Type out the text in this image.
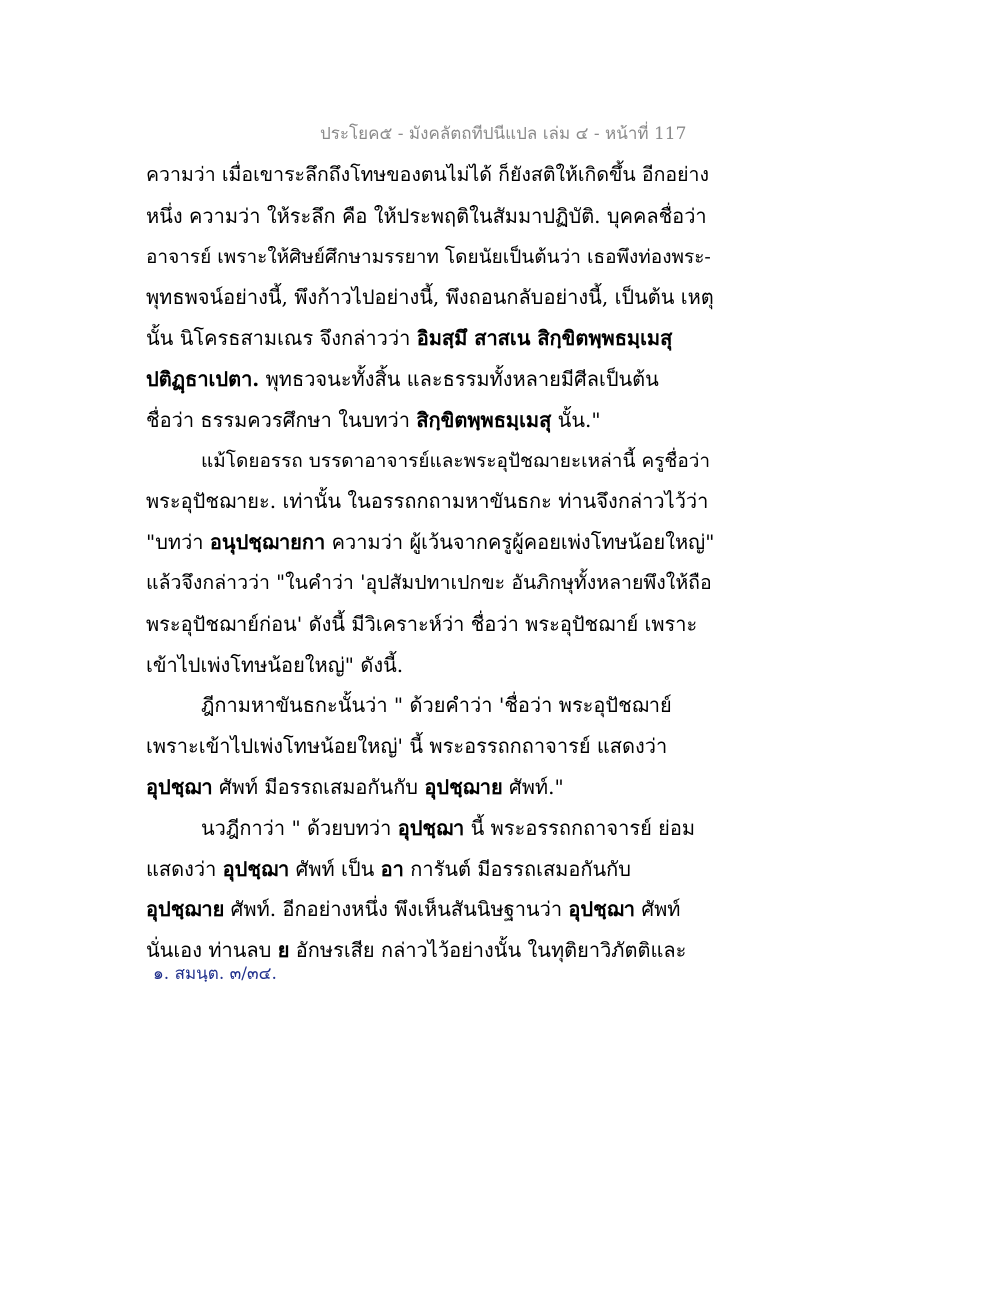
ประโยค๕ - มังคลัตถทีปนีแปล เล่ม ๔ - หน้าที่ 117
ความว่า เมื่อเขาระลึกถึงโทษของตนไม่ได้ ก็ยังสติให้เกิดขึ้น อีกอย่าง
หนึ่ง ความว่า ให้ระลึก คือ ให้ประพฤติในสัมมาปฏิบัติ. บุคคลชื่อว่า
อาจารย์ เพราะให้ศิษย์ศึกษามรรยาท โดยนัยเป็นต้นว่า เธอพึงท่องพระ-
พุทธพจน์อย่างนี้, พึงก้าวไปอย่างนี้, พึงถอนกลับอย่างนี้, เป็นต้น เหตุ
นั้น นิโครธสามเณร จึงกล่าวว่า อิมสฺมึ สาสเน สิกฺขิตพฺพธมฺเมสุ
ปติฏฺธาเปตา. พุทธวจนะทั้งสิ้น และธรรมทั้งหลายมีศีลเป็นต้น
ชื่อว่า ธรรมควรศึกษา ในบทว่า สิกฺขิตพฺพธมฺเมสุ นั้น."
แม้โดยอรรถ บรรดาอาจารย์และพระอุปัชฌายะเหล่านี้ ครูชื่อว่า
พระอุปัชฌายะ. เท่านั้น ในอรรถกถามหาขันธกะ ท่านจึงกล่าวไว้ว่า
"บทว่า อนุปชฺฌายกา ความว่า ผู้เว้นจากครูผู้คอยเพ่งโทษน้อยใหญ่"
แล้วจึงกล่าวว่า "ในคำว่า 'อุปสัมปทาเปกขะ อันภิกษุทั้งหลายพึงให้ถือ
พระอุปัชฌาย์ก่อน' ดังนี้ มีวิเคราะห์ว่า ชื่อว่า พระอุปัชฌาย์ เพราะ
เข้าไปเพ่งโทษน้อยใหญ่" ดังนี้.
ฎีกามหาขันธกะนั้นว่า " ด้วยคำว่า 'ชื่อว่า พระอุปัชฌาย์
เพราะเข้าไปเพ่งโทษน้อยใหญ่' นี้ พระอรรถกถาจารย์ แสดงว่า
อุปชฺฌา ศัพท์ มีอรรถเสมอกันกับ อุปชฺฌาย ศัพท์."
นวฎีกาว่า " ด้วยบทว่า อุปชฺฌา นี้ พระอรรถกถาจารย์ ย่อม
แสดงว่า อุปชฺฌา ศัพท์ เป็น อา การันต์ มีอรรถเสมอกันกับ
อุปชฺฌาย ศัพท์. อีกอย่างหนึ่ง พึงเห็นสันนิษฐานว่า อุปชฺฌา ศัพท์
นั่นเอง ท่านลบ ย อักษรเสีย กล่าวไว้อย่างนั้น ในทุติยาวิภัตติและ
๑. สมนฺต. ๓/๓๔.
